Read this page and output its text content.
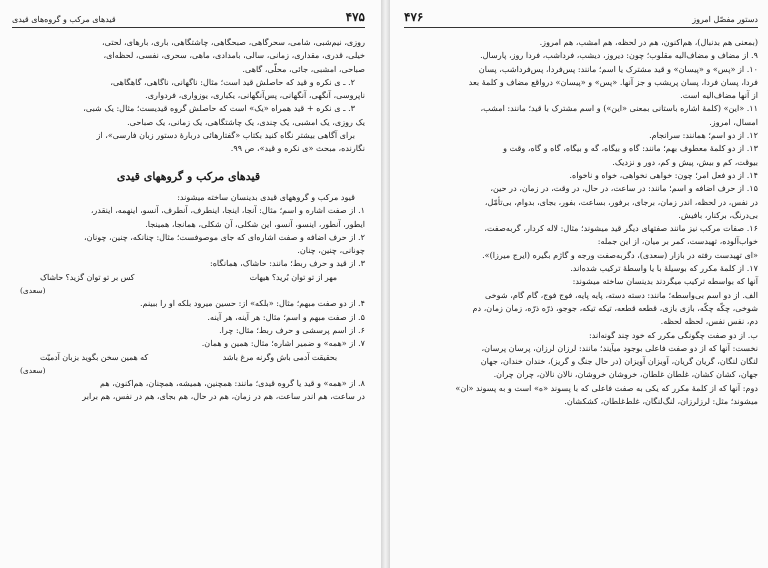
۴۷۵
قیدهای مرکب و گروه‌های قیدی

روزی، نیم‌شبی، شامی، سحرگاهی، صبحگاهی، چاشتگاهی، باری، بارهای، لحتی،

خیلی، قدری، مقداری، زمانی، سالی، بامدادی، ماهی، سحری، نفسی، لحظه‌ای،

صباحی، امشبی، جائی، محلّی، گاهی.

۲. ـ ی نکره و قید که حاصلش قید است؛ مثال: ناگهانی، ناگاهی، گاهگاهی،

ناپروسی، آنگهی، آنگهانی، پس‌آنگهانی، یکباری، یوزواری، فردواری.

۳. ـ ی نکره + قید همراه «یک» است که حاصلش گروه قیدیست؛ مثال: یک شبی،

یک روزی، یک امشبی، یک چندی، یک چاشتگاهی، یک زمانی، یک صباحی.

برای آگاهی بیشتر نگاه کنید بکتاب «گفتارهائی دربارهٔ دستور زبان فارسی»، از

نگارنده، مبحث «ی نکره و قید»، ص ۹۹.

قیدهای مرکب و گروههای قیدی

قیود مرکب و گروههای قیدی بدینسان ساخته میشوند:

۱. از صفت اشاره و اسم؛ مثال: آنجا، اینجا، اینطرف، آنطرف، آنسو، اینهمه، اینقدر،

ایطور، آنطور، اینسو، آنسو، این شکلی، آن شکلی، همانجا، همینجا.

۲. از حرف اضافه و صفت اشاره‌ای که جای موصوفست؛ مثال: چنانکه، چنین، چونان،

چونانی، چنین، چنان.

۳. از قید و حرف ربط؛ مانند: حاشاک، همانگاه:

مهر از تو توان بُرید؟ هیهات
کس بر تو توان گزید؟ حاشاک
(سعدی)

۴. از دو صفت مبهم؛ مثال: «بلکه» از: حسین میرود بلکه او را ببینم.

۵. از صفت مبهم و اسم؛ مثال: هر آینه، هر آینه.

۶. از اسم پرسشی و حرف ربط؛ مثال: چرا.

۷. از «همه» و ضمیر اشاره؛ مثال: همین و همان.

بحقیقت آدمی باش وگرنه مرغ باشد
که همین سخن بگوید بزبان آدمیّت
(سعدی)

۸. از «همه» و قید یا گروه قیدی؛ مانند: همچنین، همیشه، همچنان، هم‌اکنون، هم

در ساعت، هم اندر ساعت، هم در زمان، هم در حال، هم بجای، هم در نفس، هم برابر

دستور مفصّل امروز
۴۷۶

(بمعنی هم بدنبال)، هم‌اکنون، هم در لحظه، هم امشب، هم امروز.

۹. از مضاف و مضاف‌الیه مقلوب؛ چون: دیروز، دیشب، فرداشب، فردا روز، پارسال.

۱۰. از «پس» و «پیسان» و قید مشترک یا اسم؛ مانند: پس‌فردا، پس‌فرداشب، پسان

فردا، پسان فردا، پسان پریشب و جز آنها. «پس» و «پیسان» درواقع مضاف و کلمهٔ بعد

از آنها مضاف‌الیه است.

۱۱. «این» (کلمهٔ اشاره باستانی بمعنی «این») و اسم مشترک با قید؛ مانند: امشب،

امسال، امروز.

۱۲. از دو اسم؛ همانند: سرانجام.

۱۳. از دو کلمهٔ معطوف بهم؛ مانند: گاه و بیگاه، گه و بیگاه، گاه و گاه، وقت و

بیوقت، کم و بیش، پیش و کم، دور و نزدیک.

۱۴. از دو فعل امر؛ چون: خواهی نخواهی، خواه و ناخواه.

۱۵. از حرف اضافه و اسم؛ مانند: در ساعت، در حال، در وقت، در زمان، در حین،

در نفس، در لحظه، اندر زمان، برجای، برفور، بساعت، بفور، بجای، بدوام، بی‌تأمّل،

بی‌درنگ، برکنار، بافیش.

۱۶. صفات مرکب نیز مانند صفتهای دیگر قید میشوند؛ مثال: لاله کردار، گربه‌صفت،

خواب‌آلوده، تهیدست، کمر بر میان، از این جمله:

«ای تهیدست رفته در بازار (سعدی)، دگربه‌صفت ورجه و گاژم بگیره (ایرج میرزا)».

۱۷. از کلمهٔ مکرر که بوسیلهٔ با یا واسطهٔ ترکیب شده‌اند.

آنها که بواسطه ترکیب میگردند بدینسان ساخته میشوند:

الف. از دو اسم بی‌واسطه؛ مانند: دسته دسته، پایه پایه، فوج فوج، گام گام، شوخی

شوخی، چکّه چکّه، بازی بازی، قطعه قطعه، تیکه تیکه، جوجو، ذرّه ذرّه، زمان زمان، دم

دم، نفس نفس، لحظه لحظه.

ب. از دو صفت چگونگی مکرر که خود چند گونه‌اند:

نخست: آنها که از دو صفت فاعلی بوجود میآیند؛ مانند: لرزان لرزان، پرسان پرسان،

لنگان لنگان، گریان گریان، آویزان آویزان (در حال جنگ و گریز)، خندان خندان، جهان

جهان، کشان کشان، غلطان غلطان، خروشان خروشان، نالان نالان، چران چران.

دوم: آنها که از کلمهٔ مکرر که یکی به صفت فاعلی که با پسوند «ه» است و به پسوند «ان»

میشوند؛ مثل: لرزلرزان، لنگ‌لنگان، غلط‌غلطان، کشکشان.
